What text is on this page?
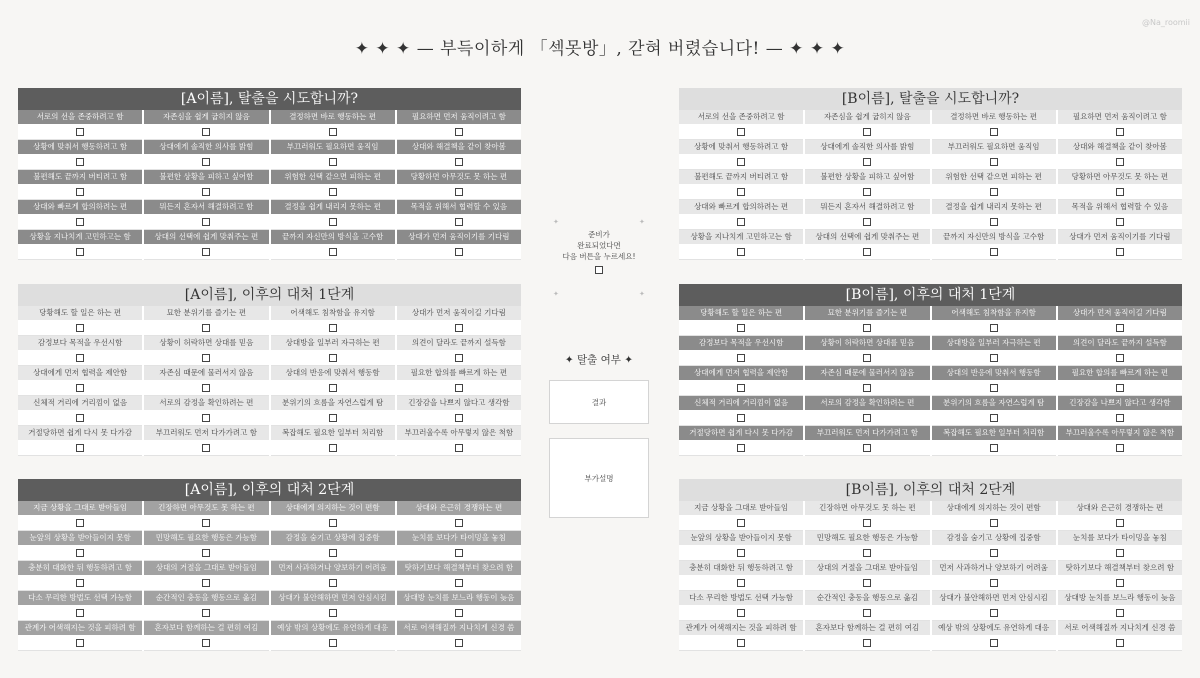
✦ ✦ ✦ — 부득이하게 「섹못방」, 갇혀 버렸습니다! — ✦ ✦ ✦
@Na_roomii
[A이름], 탈출을 시도합니까?
서로의 선을 존중하려고 함	자존심을 쉽게 굽히지 않음	결정하면 바로 행동하는 편	필요하면 먼저 움직이려고 함
상황에 맞춰서 행동하려고 함	상대에게 솔직한 의사를 밝힘	부끄러워도 필요하면 움직임	상대와 해결책을 같이 찾아봄
불편해도 끝까지 버티려고 함	불편한 상황을 피하고 싶어함	위험한 선택 같으면 피하는 편	당황하면 아무것도 못 하는 편
상대와 빠르게 합의하려는 편	뭐든지 혼자서 해결하려고 함	결정을 쉽게 내리지 못하는 편	목적을 위해서 협력할 수 있음
상황을 지나치게 고민하고는 함	상대의 선택에 쉽게 맞춰주는 편	끝까지 자신만의 방식을 고수함	상대가 먼저 움직이기를 기다림
[B이름], 탈출을 시도합니까?
서로의 선을 존중하려고 함	자존심을 쉽게 굽히지 않음	결정하면 바로 행동하는 편	필요하면 먼저 움직이려고 함
상황에 맞춰서 행동하려고 함	상대에게 솔직한 의사를 밝힘	부끄러워도 필요하면 움직임	상대와 해결책을 같이 찾아봄
불편해도 끝까지 버티려고 함	불편한 상황을 피하고 싶어함	위험한 선택 같으면 피하는 편	당황하면 아무것도 못 하는 편
상대와 빠르게 합의하려는 편	뭐든지 혼자서 해결하려고 함	결정을 쉽게 내리지 못하는 편	목적을 위해서 협력할 수 있음
상황을 지나치게 고민하고는 함	상대의 선택에 쉽게 맞춰주는 편	끝까지 자신만의 방식을 고수함	상대가 먼저 움직이기를 기다림
[A이름], 이후의 대처 1단계
당황해도 할 일은 하는 편	묘한 분위기를 즐기는 편	어색해도 침착함을 유지함	상대가 먼저 움직이길 기다림
감정보다 목적을 우선시함	상황이 허락하면 상대를 믿음	상대방을 일부러 자극하는 편	의견이 달라도 끝까지 설득함
상대에게 먼저 협력을 제안함	자존심 때문에 물러서지 않음	상대의 반응에 맞춰서 행동함	필요한 합의를 빠르게 하는 편
신체적 거리에 거리낌이 없음	서로의 감정을 확인하려는 편	분위기의 흐름을 자연스럽게 탐	긴장감을 나쁘지 않다고 생각함
거절당하면 쉽게 다시 못 다가감	부끄러워도 먼저 다가가려고 함	복잡해도 필요한 일부터 처리함	부끄러울수록 아무렇지 않은 척함
[B이름], 이후의 대처 1단계
당황해도 할 일은 하는 편	묘한 분위기를 즐기는 편	어색해도 침착함을 유지함	상대가 먼저 움직이길 기다림
감정보다 목적을 우선시함	상황이 허락하면 상대를 믿음	상대방을 일부러 자극하는 편	의견이 달라도 끝까지 설득함
상대에게 먼저 협력을 제안함	자존심 때문에 물러서지 않음	상대의 반응에 맞춰서 행동함	필요한 합의를 빠르게 하는 편
신체적 거리에 거리낌이 없음	서로의 감정을 확인하려는 편	분위기의 흐름을 자연스럽게 탐	긴장감을 나쁘지 않다고 생각함
거절당하면 쉽게 다시 못 다가감	부끄러워도 먼저 다가가려고 함	복잡해도 필요한 일부터 처리함	부끄러울수록 아무렇지 않은 척함
[A이름], 이후의 대처 2단계
지금 상황을 그대로 받아들임	긴장하면 아무것도 못 하는 편	상대에게 의지하는 것이 편함	상대와 은근히 경쟁하는 편
눈앞의 상황을 받아들이지 못함	민망해도 필요한 행동은 가능함	감정을 숨기고 상황에 집중함	눈치를 보다가 타이밍을 놓침
충분히 대화한 뒤 행동하려고 함	상대의 거절을 그대로 받아들임	먼저 사과하거나 양보하기 어려움	탓하기보다 해결책부터 찾으려 함
다소 무리한 방법도 선택 가능함	순간적인 충동을 행동으로 옮김	상대가 불안해하면 먼저 안심시킴	상대방 눈치를 보느라 행동이 늦음
관계가 어색해지는 것을 피하려 함	혼자보다 함께하는 걸 편히 여김	예상 밖의 상황에도 유연하게 대응	서로 어색해질까 지나치게 신경 씀
[B이름], 이후의 대처 2단계
지금 상황을 그대로 받아들임	긴장하면 아무것도 못 하는 편	상대에게 의지하는 것이 편함	상대와 은근히 경쟁하는 편
눈앞의 상황을 받아들이지 못함	민망해도 필요한 행동은 가능함	감정을 숨기고 상황에 집중함	눈치를 보다가 타이밍을 놓침
충분히 대화한 뒤 행동하려고 함	상대의 거절을 그대로 받아들임	먼저 사과하거나 양보하기 어려움	탓하기보다 해결책부터 찾으려 함
다소 무리한 방법도 선택 가능함	순간적인 충동을 행동으로 옮김	상대가 불안해하면 먼저 안심시킴	상대방 눈치를 보느라 행동이 늦음
관계가 어색해지는 것을 피하려 함	혼자보다 함께하는 걸 편히 여김	예상 밖의 상황에도 유연하게 대응	서로 어색해질까 지나치게 신경 씀
✦	✦
✦	✦
준비가
완료되었다면
다음 버튼을 누르세요!
✦ 탈출 여부 ✦
결과
부가설명
